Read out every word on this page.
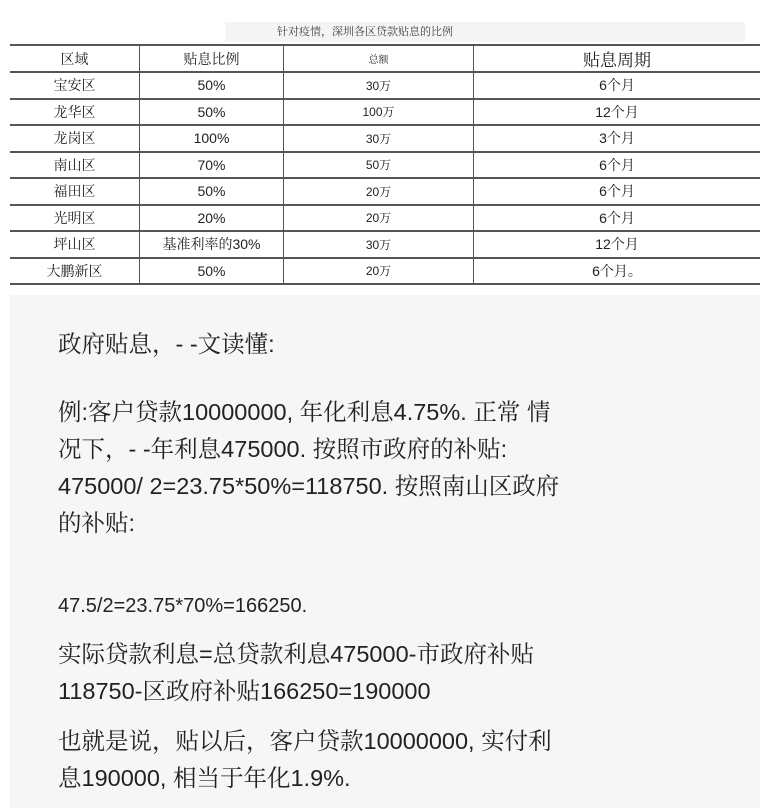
针对疫情，深圳各区贷款贴息的比例
区域	贴息比例	总额	贴息周期
宝安区	50%	30万	6个月
龙华区	50%	100万	12个月
龙岗区	100%	30万	3个月
南山区	70%	50万	6个月
福田区	50%	20万	6个月
光明区	20%	20万	6个月
坪山区	基准利率的30%	30万	12个月
大鹏新区	50%	20万	6个月。
政府贴息，- -文读懂:
例:客户贷款10000000, 年化利息4.75%. 正常 情
况下，- -年利息475000. 按照市政府的补贴:
475000/ 2=23.75*50%=118750. 按照南山区政府
的补贴:
47.5/2=23.75*70%=166250.
实际贷款利息=总贷款利息475000-市政府补贴
118750-区政府补贴166250=190000
也就是说，贴以后，客户贷款10000000, 实付利
息190000, 相当于年化1.9%.
